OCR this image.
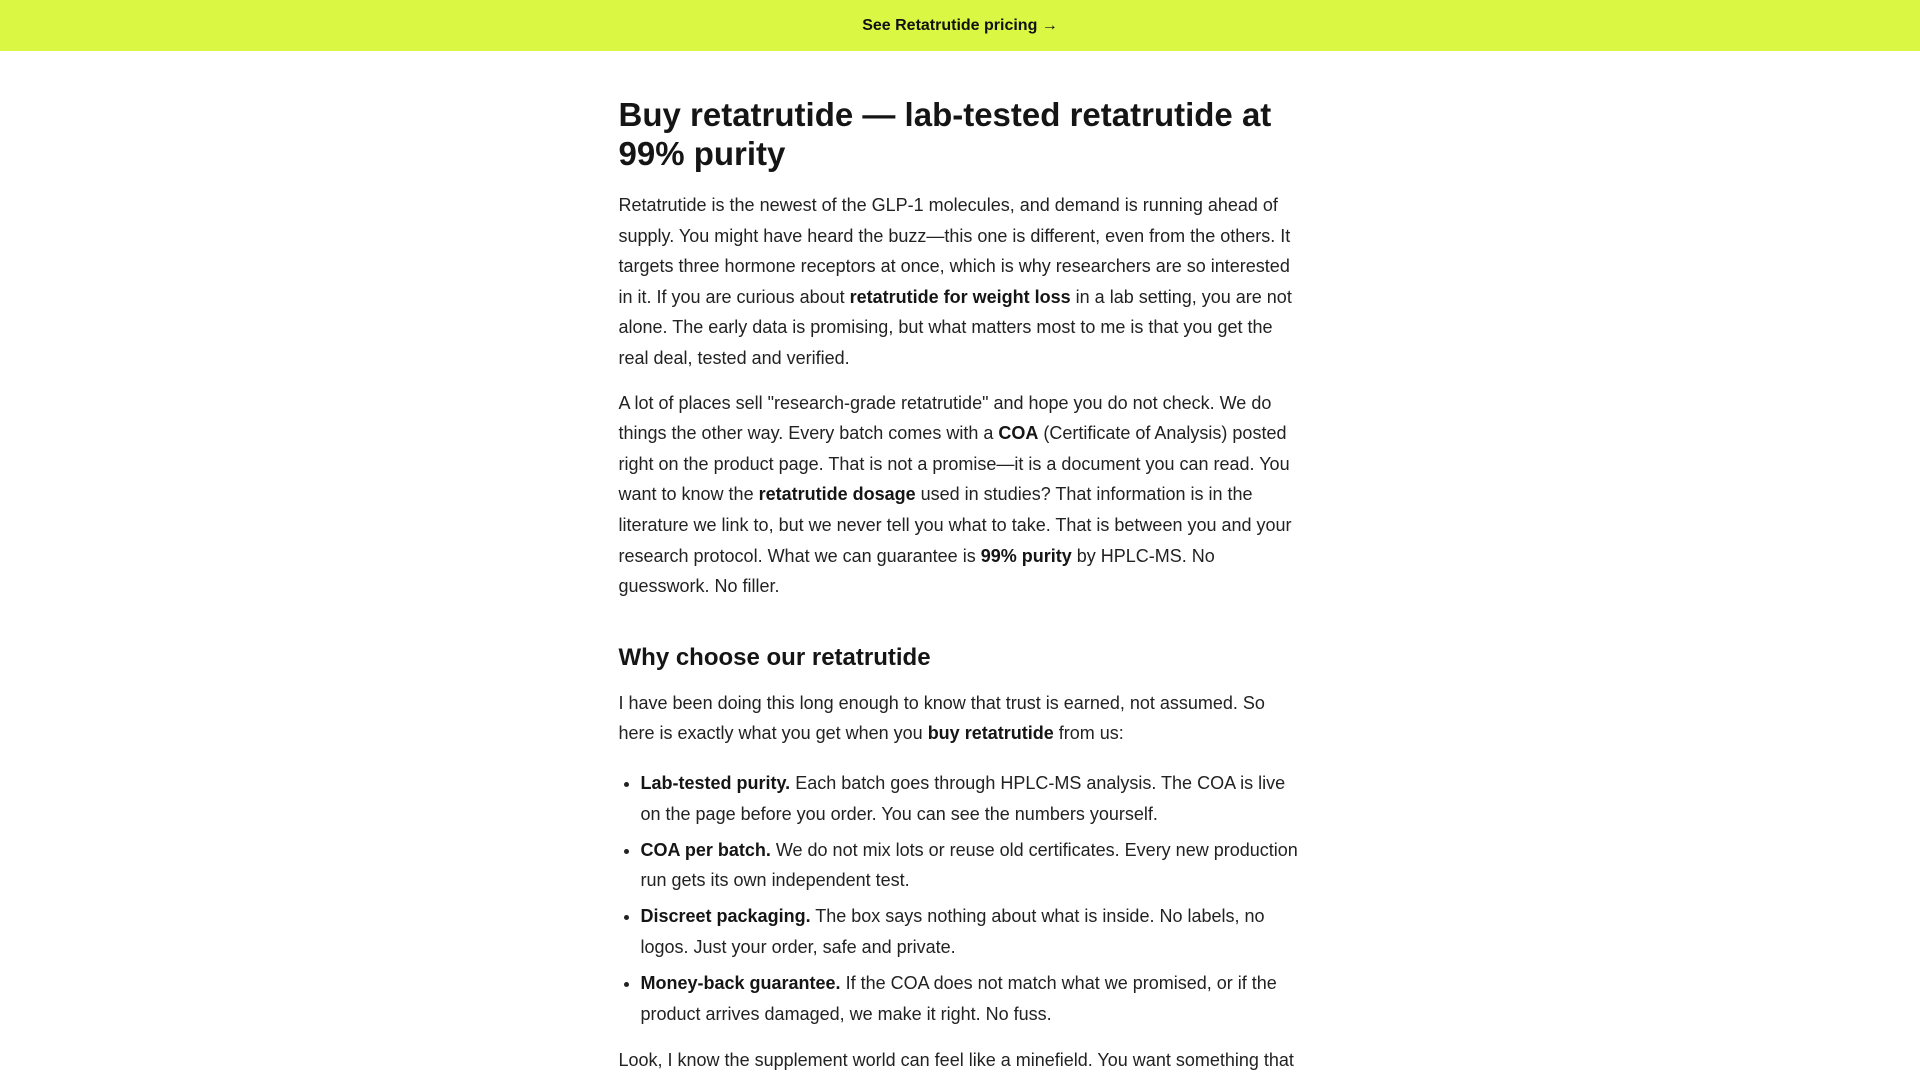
See Retatrutide pricing →
Buy retatrutide — lab-tested retatrutide at 99% purity

Retatrutide is the newest of the GLP-1 molecules, and demand is running ahead of supply. You might have heard the buzz—this one is different, even from the others. It targets three hormone receptors at once, which is why researchers are so interested in it. If you are curious about retatrutide for weight loss in a lab setting, you are not alone. The early data is promising, but what matters most to me is that you get the real deal, tested and verified.

A lot of places sell "research-grade retatrutide" and hope you do not check. We do things the other way. Every batch comes with a COA (Certificate of Analysis) posted right on the product page. That is not a promise—it is a document you can read. You want to know the retatrutide dosage used in studies? That information is in the literature we link to, but we never tell you what to take. That is between you and your research protocol. What we can guarantee is 99% purity by HPLC-MS. No guesswork. No filler.

Why choose our retatrutide

I have been doing this long enough to know that trust is earned, not assumed. So here is exactly what you get when you buy retatrutide from us:

• Lab-tested purity. Each batch goes through HPLC-MS analysis. The COA is live on the page before you order. You can see the numbers yourself.
• COA per batch. We do not mix lots or reuse old certificates. Every new production run gets its own independent test.
• Discreet packaging. The box says nothing about what is inside. No labels, no logos. Just your order, safe and private.
• Money-back guarantee. If the COA does not match what we promised, or if the product arrives damaged, we make it right. No fuss.

Look, I know the supplement world can feel like a minefield. You want something that
